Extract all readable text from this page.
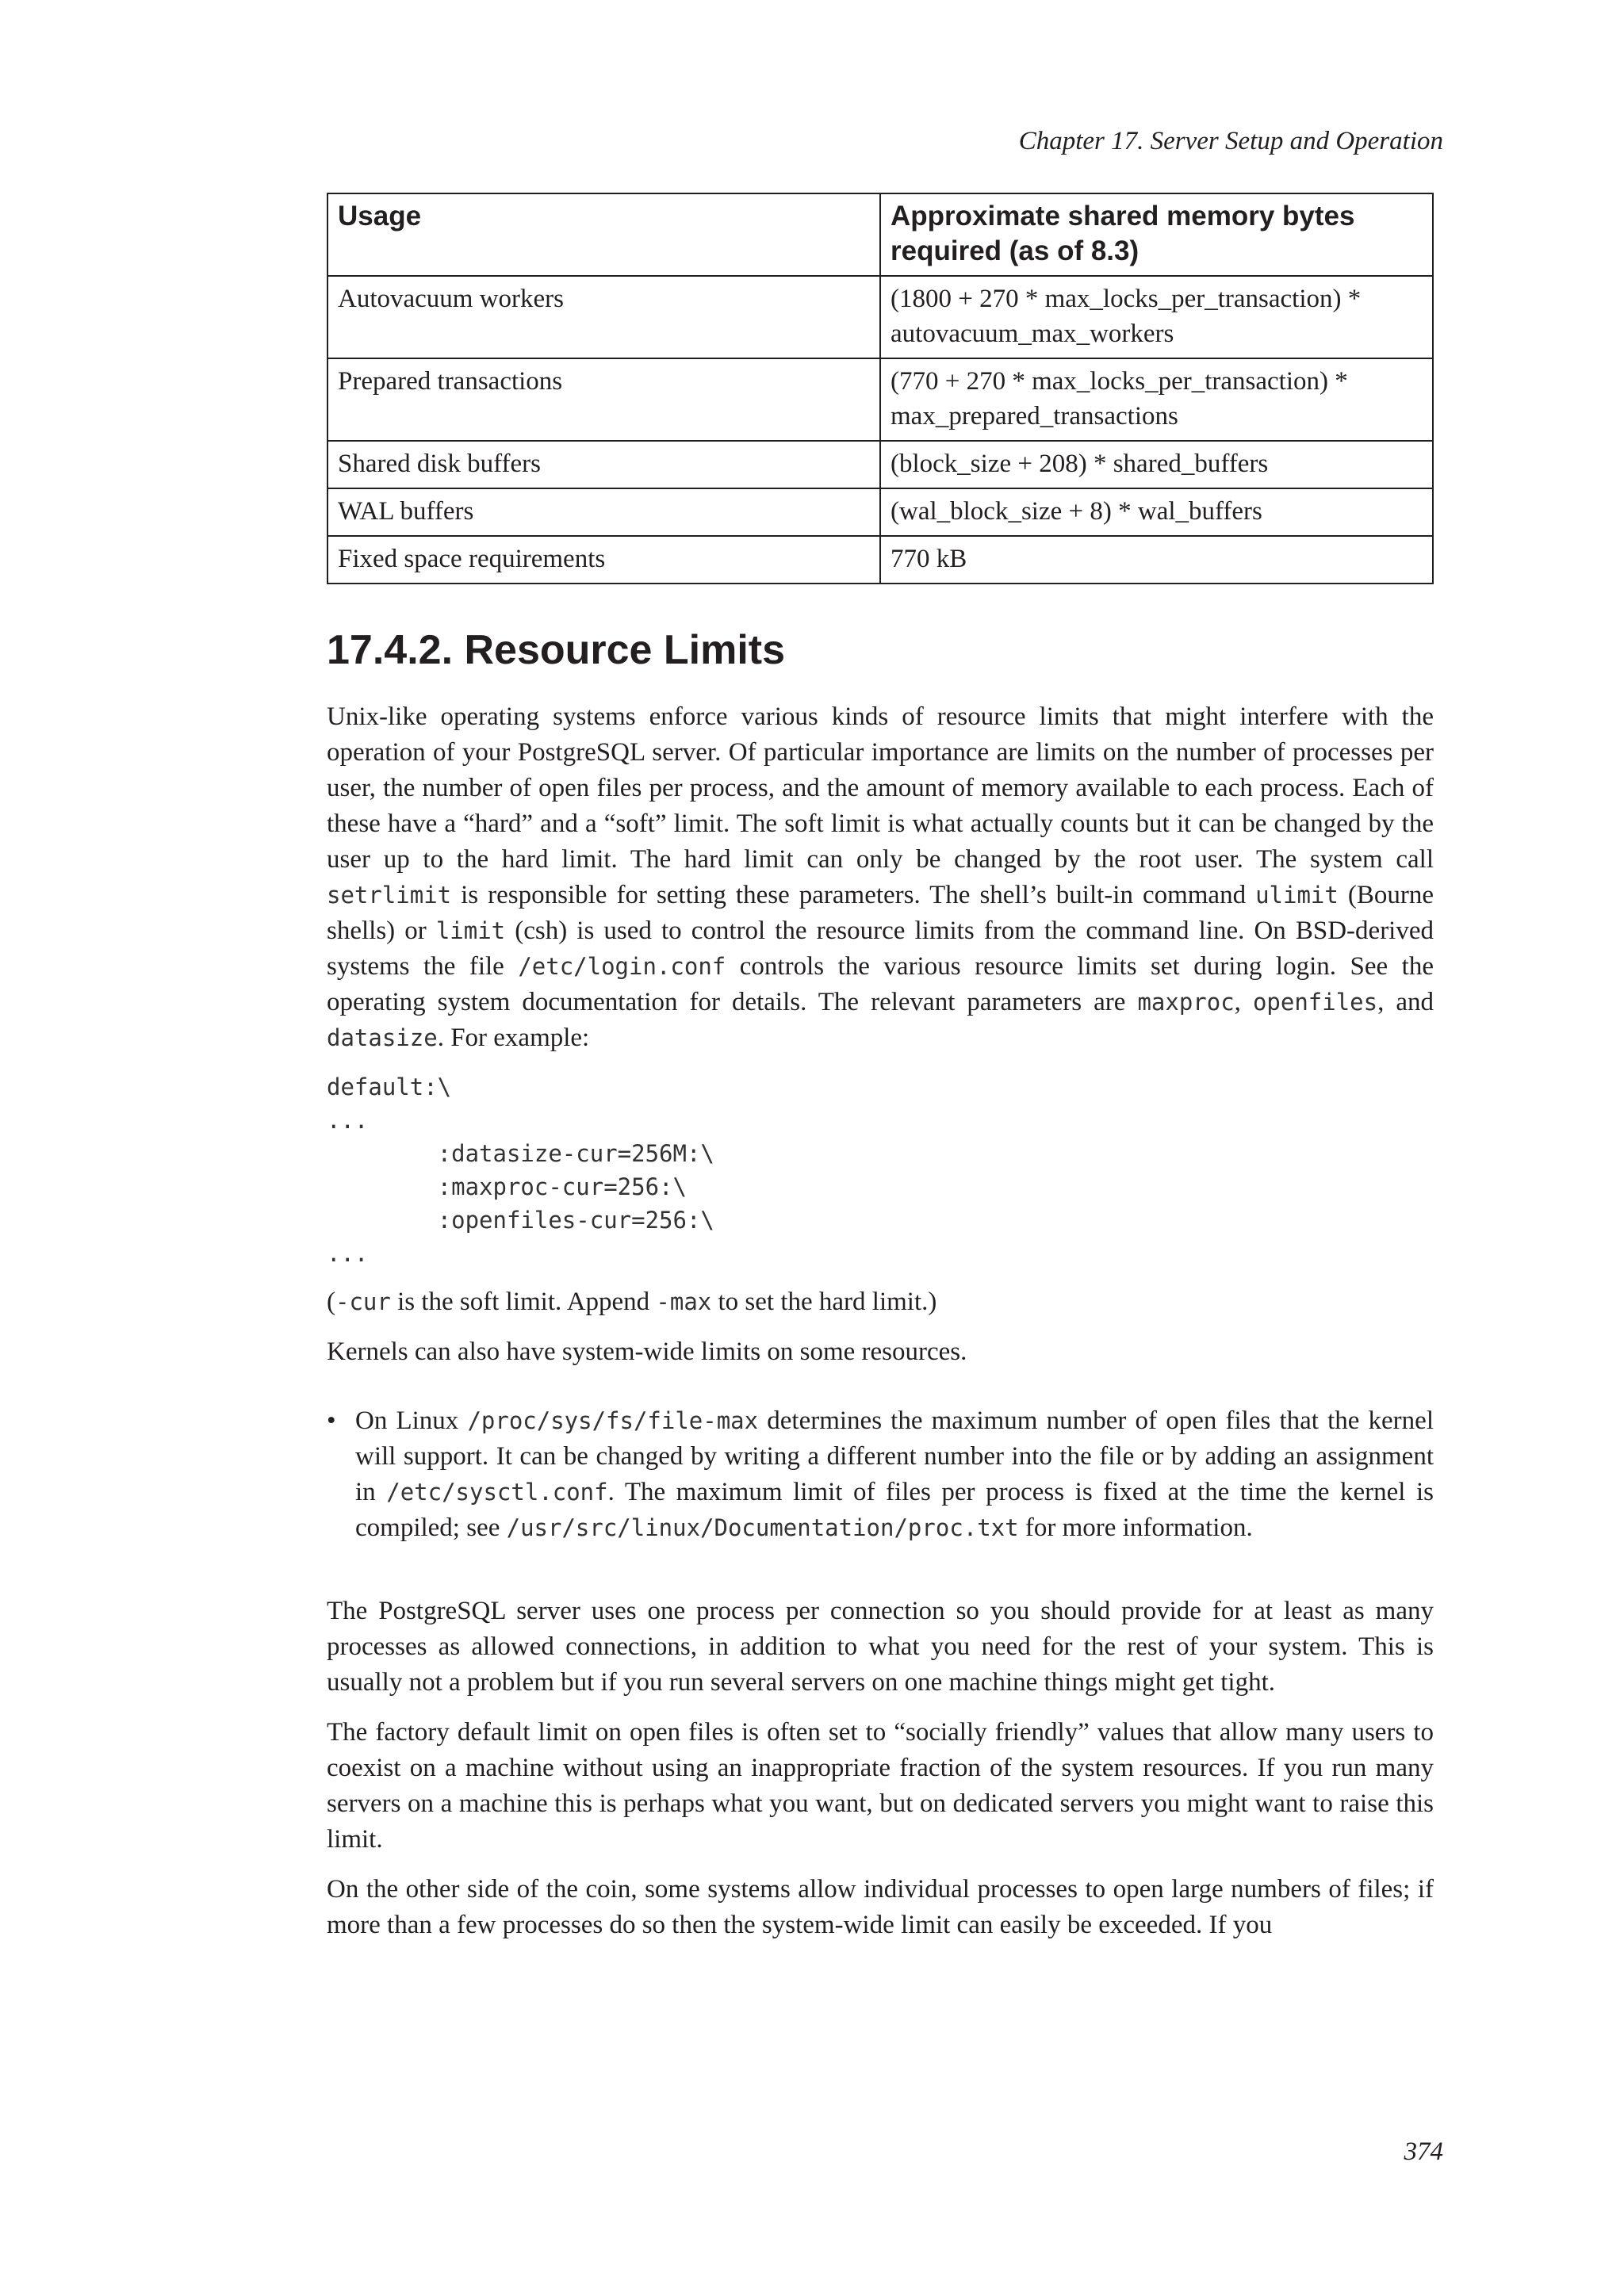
Chapter 17. Server Setup and Operation
Usage	Approximate shared memory bytes required (as of 8.3)
Autovacuum workers	(1800 + 270 * max_locks_per_transaction) * autovacuum_max_workers
Prepared transactions	(770 + 270 * max_locks_per_transaction) * max_prepared_transactions
Shared disk buffers	(block_size + 208) * shared_buffers
WAL buffers	(wal_block_size + 8) * wal_buffers
Fixed space requirements	770 kB
17.4.2. Resource Limits

Unix-like operating systems enforce various kinds of resource limits that might interfere with the operation of your PostgreSQL server. Of particular importance are limits on the number of processes per user, the number of open files per process, and the amount of memory available to each process. Each of these have a “hard” and a “soft” limit. The soft limit is what actually counts but it can be changed by the user up to the hard limit. The hard limit can only be changed by the root user. The system call setrlimit is responsible for setting these parameters. The shell’s built-in command ulimit (Bourne shells) or limit (csh) is used to control the resource limits from the command line. On BSD-derived systems the file /etc/login.conf controls the various resource limits set during login. See the operating system documentation for details. The relevant parameters are maxproc, openfiles, and datasize. For example:

default:\
...
:datasize-cur=256M:\
:maxproc-cur=256:\
:openfiles-cur=256:\
...

(-cur is the soft limit. Append -max to set the hard limit.)

Kernels can also have system-wide limits on some resources.

• On Linux /proc/sys/fs/file-max determines the maximum number of open files that the kernel will support. It can be changed by writing a different number into the file or by adding an assignment in /etc/sysctl.conf. The maximum limit of files per process is fixed at the time the kernel is compiled; see /usr/src/linux/Documentation/proc.txt for more information.

The PostgreSQL server uses one process per connection so you should provide for at least as many processes as allowed connections, in addition to what you need for the rest of your system. This is usually not a problem but if you run several servers on one machine things might get tight.

The factory default limit on open files is often set to “socially friendly” values that allow many users to coexist on a machine without using an inappropriate fraction of the system resources. If you run many servers on a machine this is perhaps what you want, but on dedicated servers you might want to raise this limit.

On the other side of the coin, some systems allow individual processes to open large numbers of files; if more than a few processes do so then the system-wide limit can easily be exceeded. If you

374
